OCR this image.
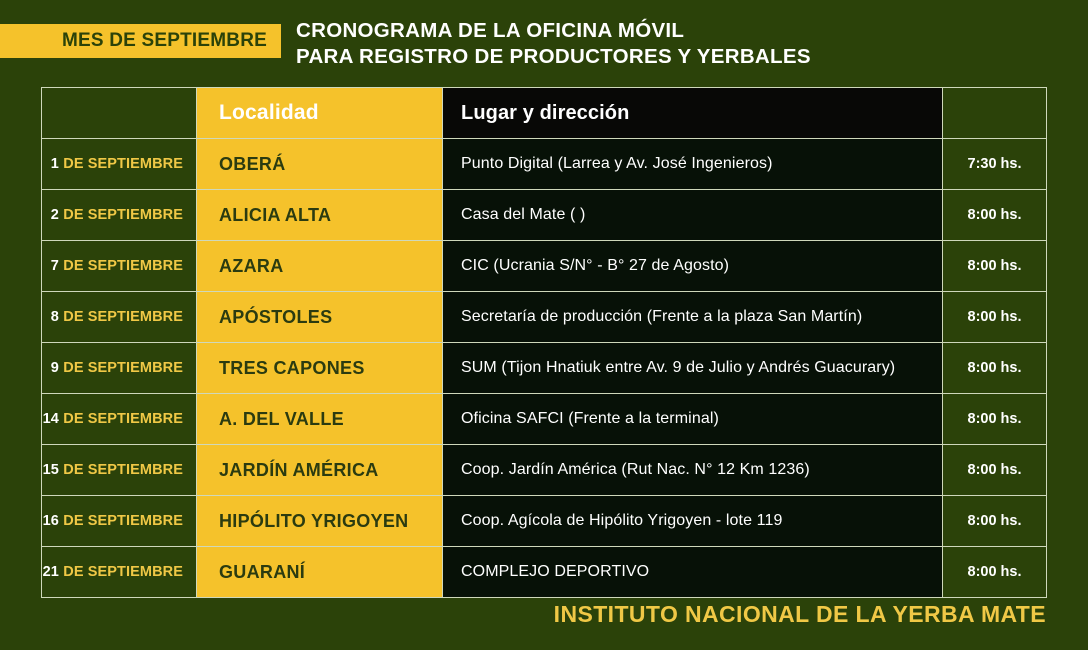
MES DE SEPTIEMBRE CRONOGRAMA DE LA OFICINA MÓVIL
PARA REGISTRO DE PRODUCTORES Y YERBALES
	Localidad	Lugar y dirección	
1 DE SEPTIEMBRE	OBERÁ	Punto Digital (Larrea y Av. José Ingenieros)	7:30 hs.
2 DE SEPTIEMBRE	ALICIA ALTA	Casa del Mate ( )	8:00 hs.
7 DE SEPTIEMBRE	AZARA	CIC (Ucrania S/N° - B° 27 de Agosto)	8:00 hs.
8 DE SEPTIEMBRE	APÓSTOLES	Secretaría de producción (Frente a la plaza San Martín)	8:00 hs.
9 DE SEPTIEMBRE	TRES CAPONES	SUM (Tijon Hnatiuk entre Av. 9 de Julio y Andrés Guacurary)	8:00 hs.
14 DE SEPTIEMBRE	A. DEL VALLE	Oficina SAFCI (Frente a la terminal)	8:00 hs.
15 DE SEPTIEMBRE	JARDÍN AMÉRICA	Coop. Jardín América (Rut Nac. N° 12 Km 1236)	8:00 hs.
16 DE SEPTIEMBRE	HIPÓLITO YRIGOYEN	Coop. Agícola de Hipólito Yrigoyen - lote 119	8:00 hs.
21 DE SEPTIEMBRE	GUARANÍ	COMPLEJO DEPORTIVO	8:00 hs.
INSTITUTO NACIONAL DE LA YERBA MATE
